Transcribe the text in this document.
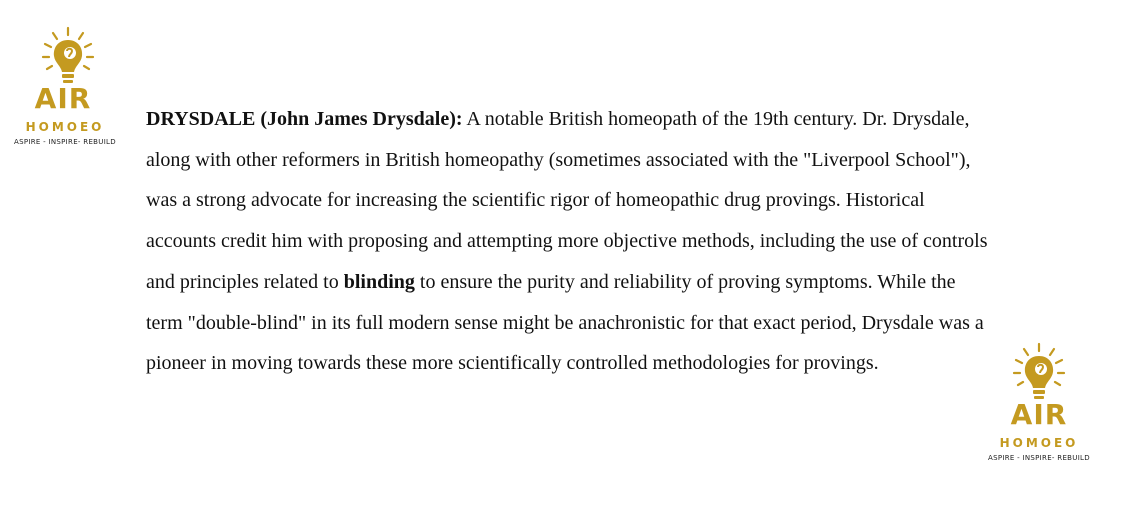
AIR
HOMOEO
ASPIRE - INSPIRE- REBUILD

DRYSDALE (John James Drysdale): A notable British homeopath of the 19th century. Dr. Drysdale, along with other reformers in British homeopathy (sometimes associated with the "Liverpool School"), was a strong advocate for increasing the scientific rigor of homeopathic drug provings. Historical accounts credit him with proposing and attempting more objective methods, including the use of controls and principles related to blinding to ensure the purity and reliability of proving symptoms. While the term "double-blind" in its full modern sense might be anachronistic for that exact period, Drysdale was a pioneer in moving towards these more scientifically controlled methodologies for provings.

AIR
HOMOEO
ASPIRE - INSPIRE- REBUILD
